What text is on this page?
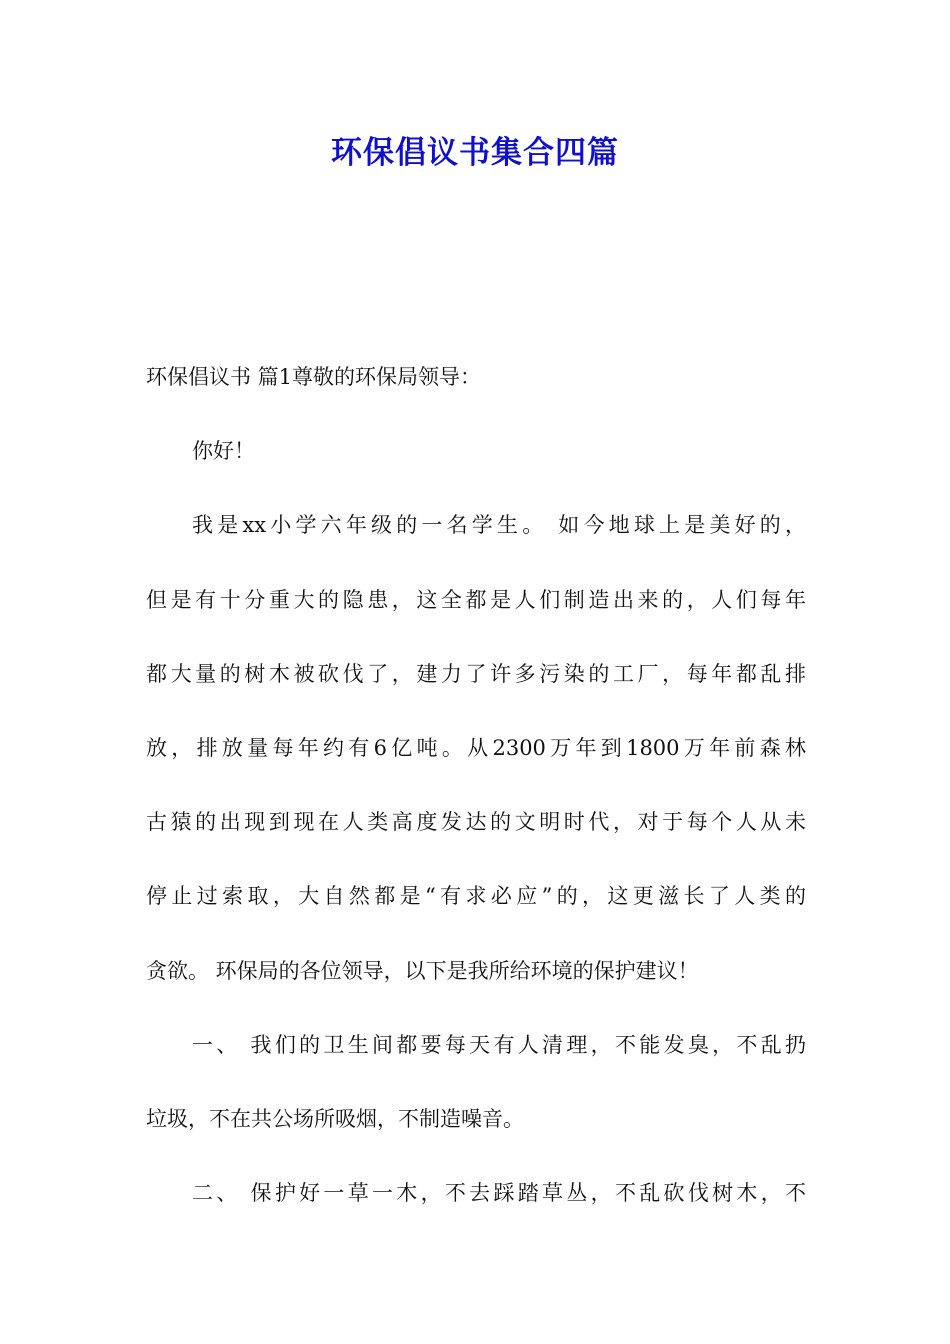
环保倡议书集合四篇
环保倡议书 篇1尊敬的环保局领导：
你好！
我是xx小学六年级的一名学生。 如今地球上是美好的，
但是有十分重大的隐患，这全都是人们制造出来的，人们每年
都大量的树木被砍伐了，建力了许多污染的工厂，每年都乱排
放，排放量每年约有6亿吨。从2300万年到1800万年前森林
古猿的出现到现在人类高度发达的文明时代，对于每个人从未
停止过索取，大自然都是“有求必应”的，这更滋长了人类的
贪欲。 环保局的各位领导，以下是我所给环境的保护建议！
一、 我们的卫生间都要每天有人清理，不能发臭，不乱扔
垃圾，不在共公场所吸烟，不制造噪音。
二、 保护好一草一木，不去踩踏草丛，不乱砍伐树木，不
